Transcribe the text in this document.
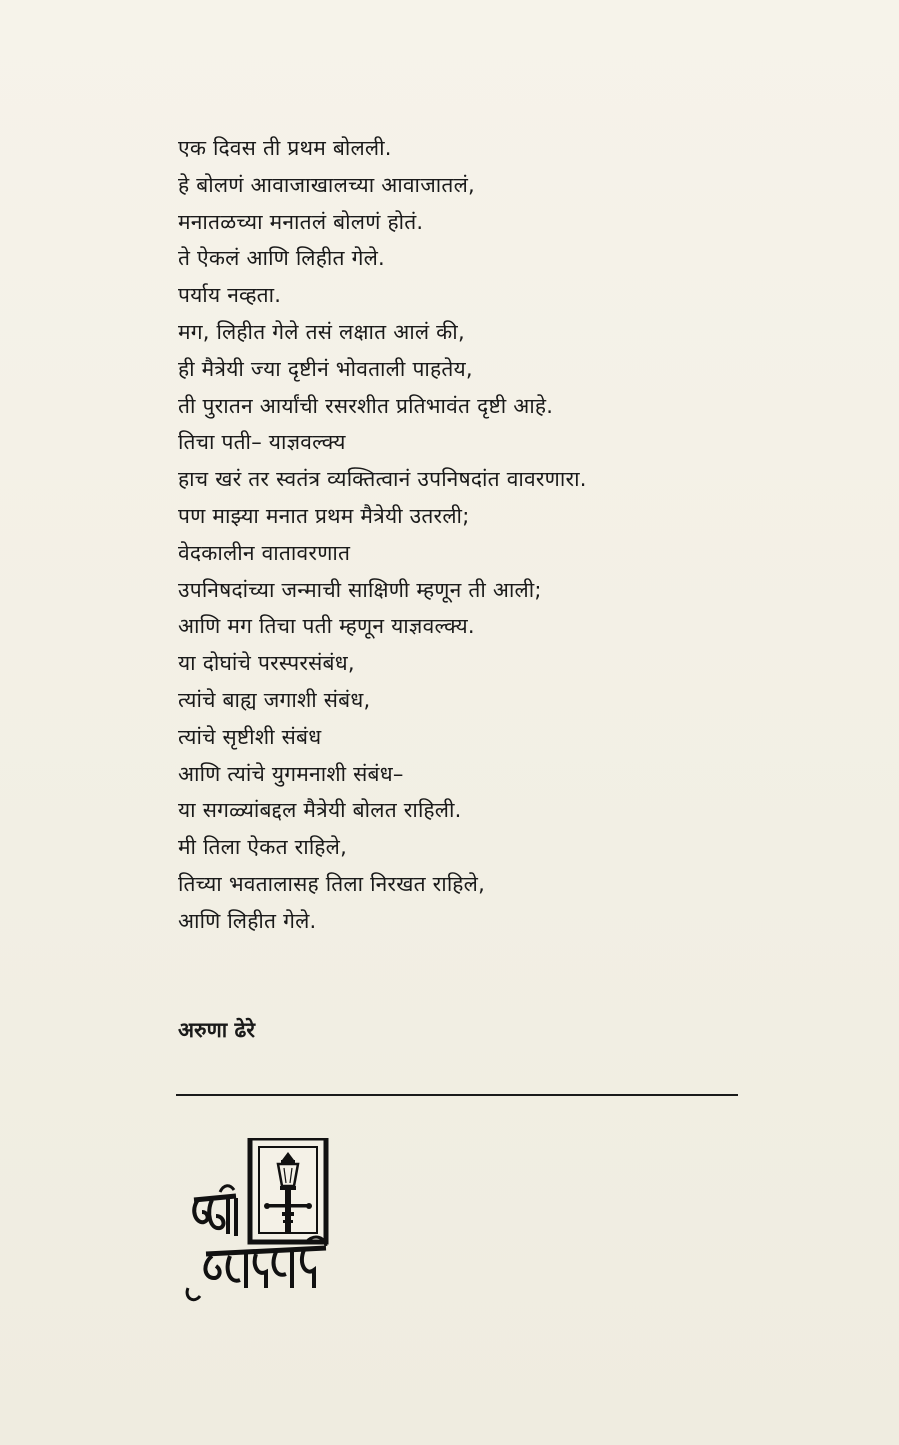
एक दिवस ती प्रथम बोलली.
हे बोलणं आवाजाखालच्या आवाजातलं,
मनातळच्या मनातलं बोलणं होतं.
ते ऐकलं आणि लिहीत गेले.
पर्याय नव्हता.
मग, लिहीत गेले तसं लक्षात आलं की,
ही मैत्रेयी ज्या दृष्टीनं भोवताली पाहतेय,
ती पुरातन आर्यांची रसरशीत प्रतिभावंत दृष्टी आहे.
तिचा पती– याज्ञवल्क्य
हाच खरं तर स्वतंत्र व्यक्तित्वानं उपनिषदांत वावरणारा.
पण माझ्या मनात प्रथम मैत्रेयी उतरली;
वेदकालीन वातावरणात
उपनिषदांच्या जन्माची साक्षिणी म्हणून ती आली;
आणि मग तिचा पती म्हणून याज्ञवल्क्य.
या दोघांचे परस्परसंबंध,
त्यांचे बाह्य जगाशी संबंध,
त्यांचे सृष्टीशी संबंध
आणि त्यांचे युगमनाशी संबंध–
या सगळ्यांबद्दल मैत्रेयी बोलत राहिली.
मी तिला ऐकत राहिले,
तिच्या भवतालासह तिला निरखत राहिले,
आणि लिहीत गेले.
अरुणा ढेरे
